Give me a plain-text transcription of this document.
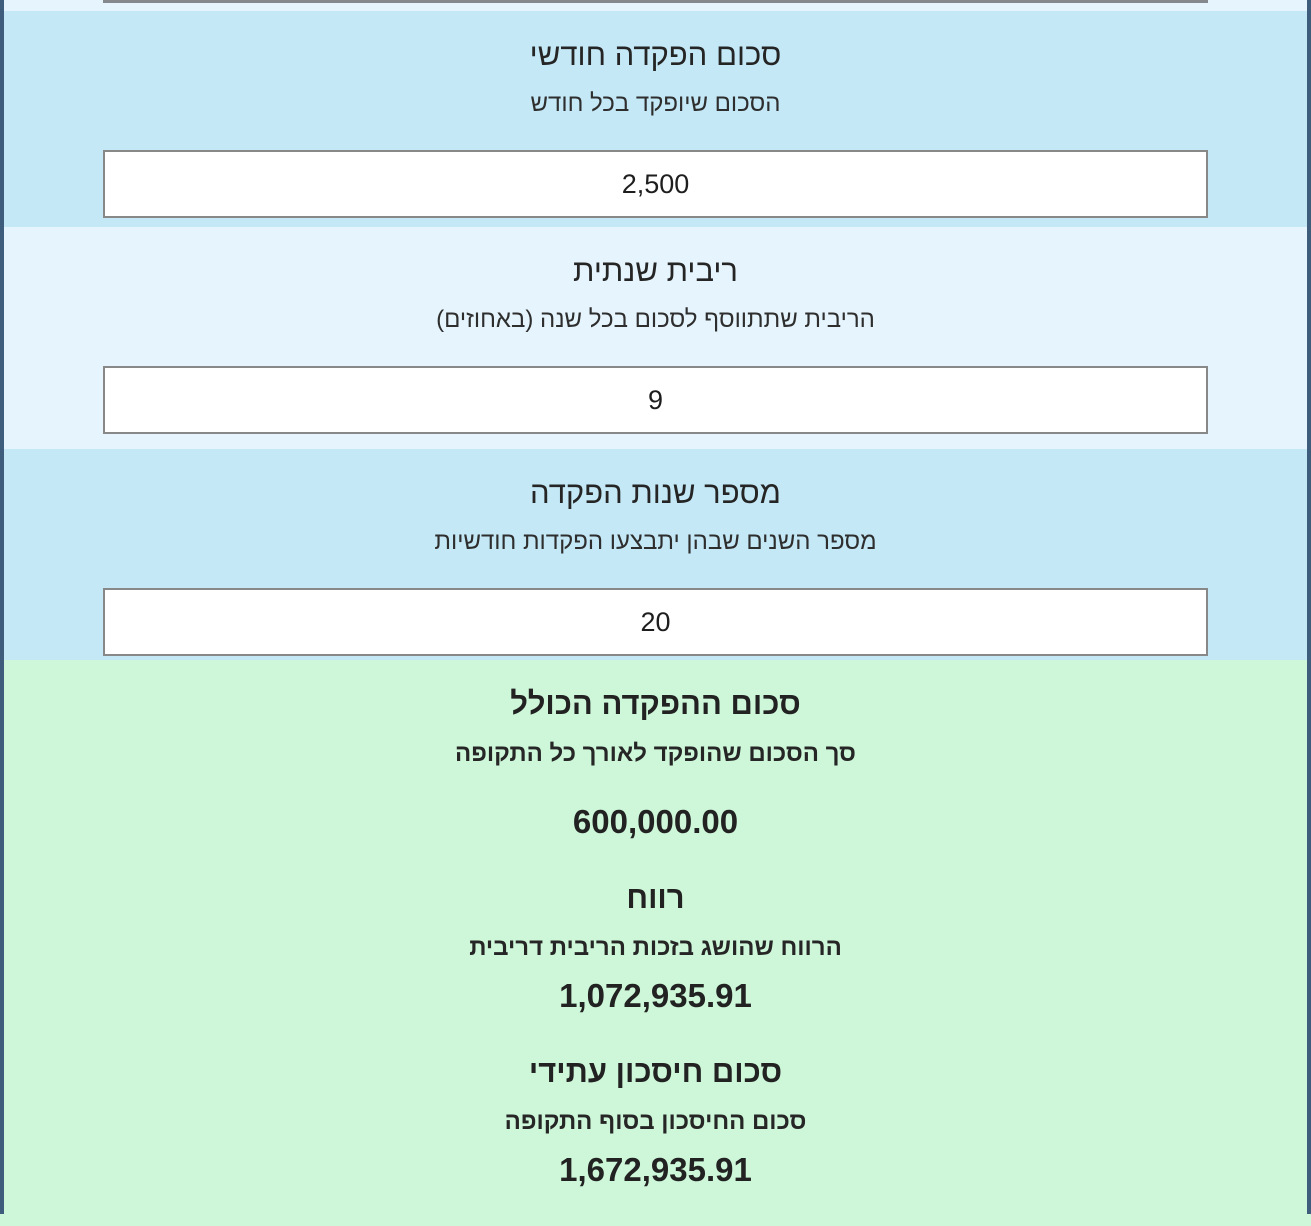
סכום הפקדה חודשי
הסכום שיופקד בכל חודש
2,500
ריבית שנתית
הריבית שתתווסף לסכום בכל שנה (באחוזים)
9
מספר שנות הפקדה
מספר השנים שבהן יתבצעו הפקדות חודשיות
20
סכום ההפקדה הכולל
סך הסכום שהופקד לאורך כל התקופה
600,000.00
רווח
הרווח שהושג בזכות הריבית דריבית
1,072,935.91
סכום חיסכון עתידי
סכום החיסכון בסוף התקופה
1,672,935.91
